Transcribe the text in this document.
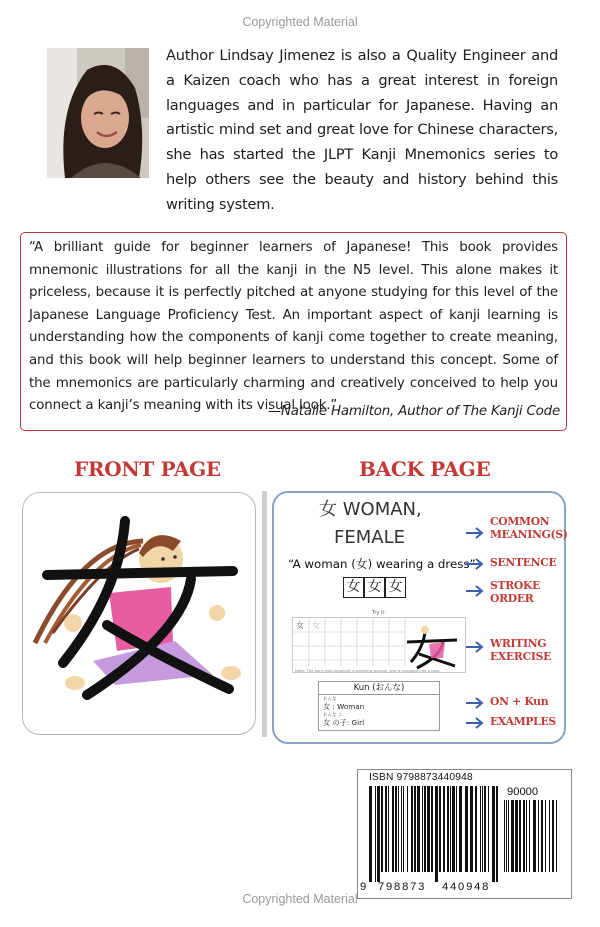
Copyrighted Material
Author Lindsay Jimenez is also a Quality Engineer and a Kaizen coach who has a great interest in foreign languages and in particular for Japanese. Having an artistic mind set and great love for Chinese characters, she has started the JLPT Kanji Mnemonics series to help others see the beauty and history behind this writing system.
“A brilliant guide for beginner learners of Japanese! This book provides mnemonic illustrations for all the kanji in the N5 level. This alone makes it priceless, because it is perfectly pitched at anyone studying for this level of the Japanese Language Proficiency Test. An important aspect of kanji learning is understanding how the components of kanji come together to create meaning, and this book will help beginner learners to understand this concept. Some of the mnemonics are particularly charming and creatively conceived to help you connect a kanji’s meaning with its visual look.”
—Natalie Hamilton, Author of The Kanji Code
FRONT PAGE	BACK PAGE
女 WOMAN,
FEMALE
“A woman (女) wearing a dress”
女 女 女
Try it:
女 女
Note: The kanji was originally a kneeling woman; she is changed into a bow.
Kun (おんな)
おんな
女 : Woman
おんな こ
女 の子: Girl
COMMON
MEANING(S)
SENTENCE
STROKE
ORDER
WRITING
EXERCISE
ON + Kun
EXAMPLES
ISBN 9798873440948
90000
9 798873 440948
Copyrighted Material
